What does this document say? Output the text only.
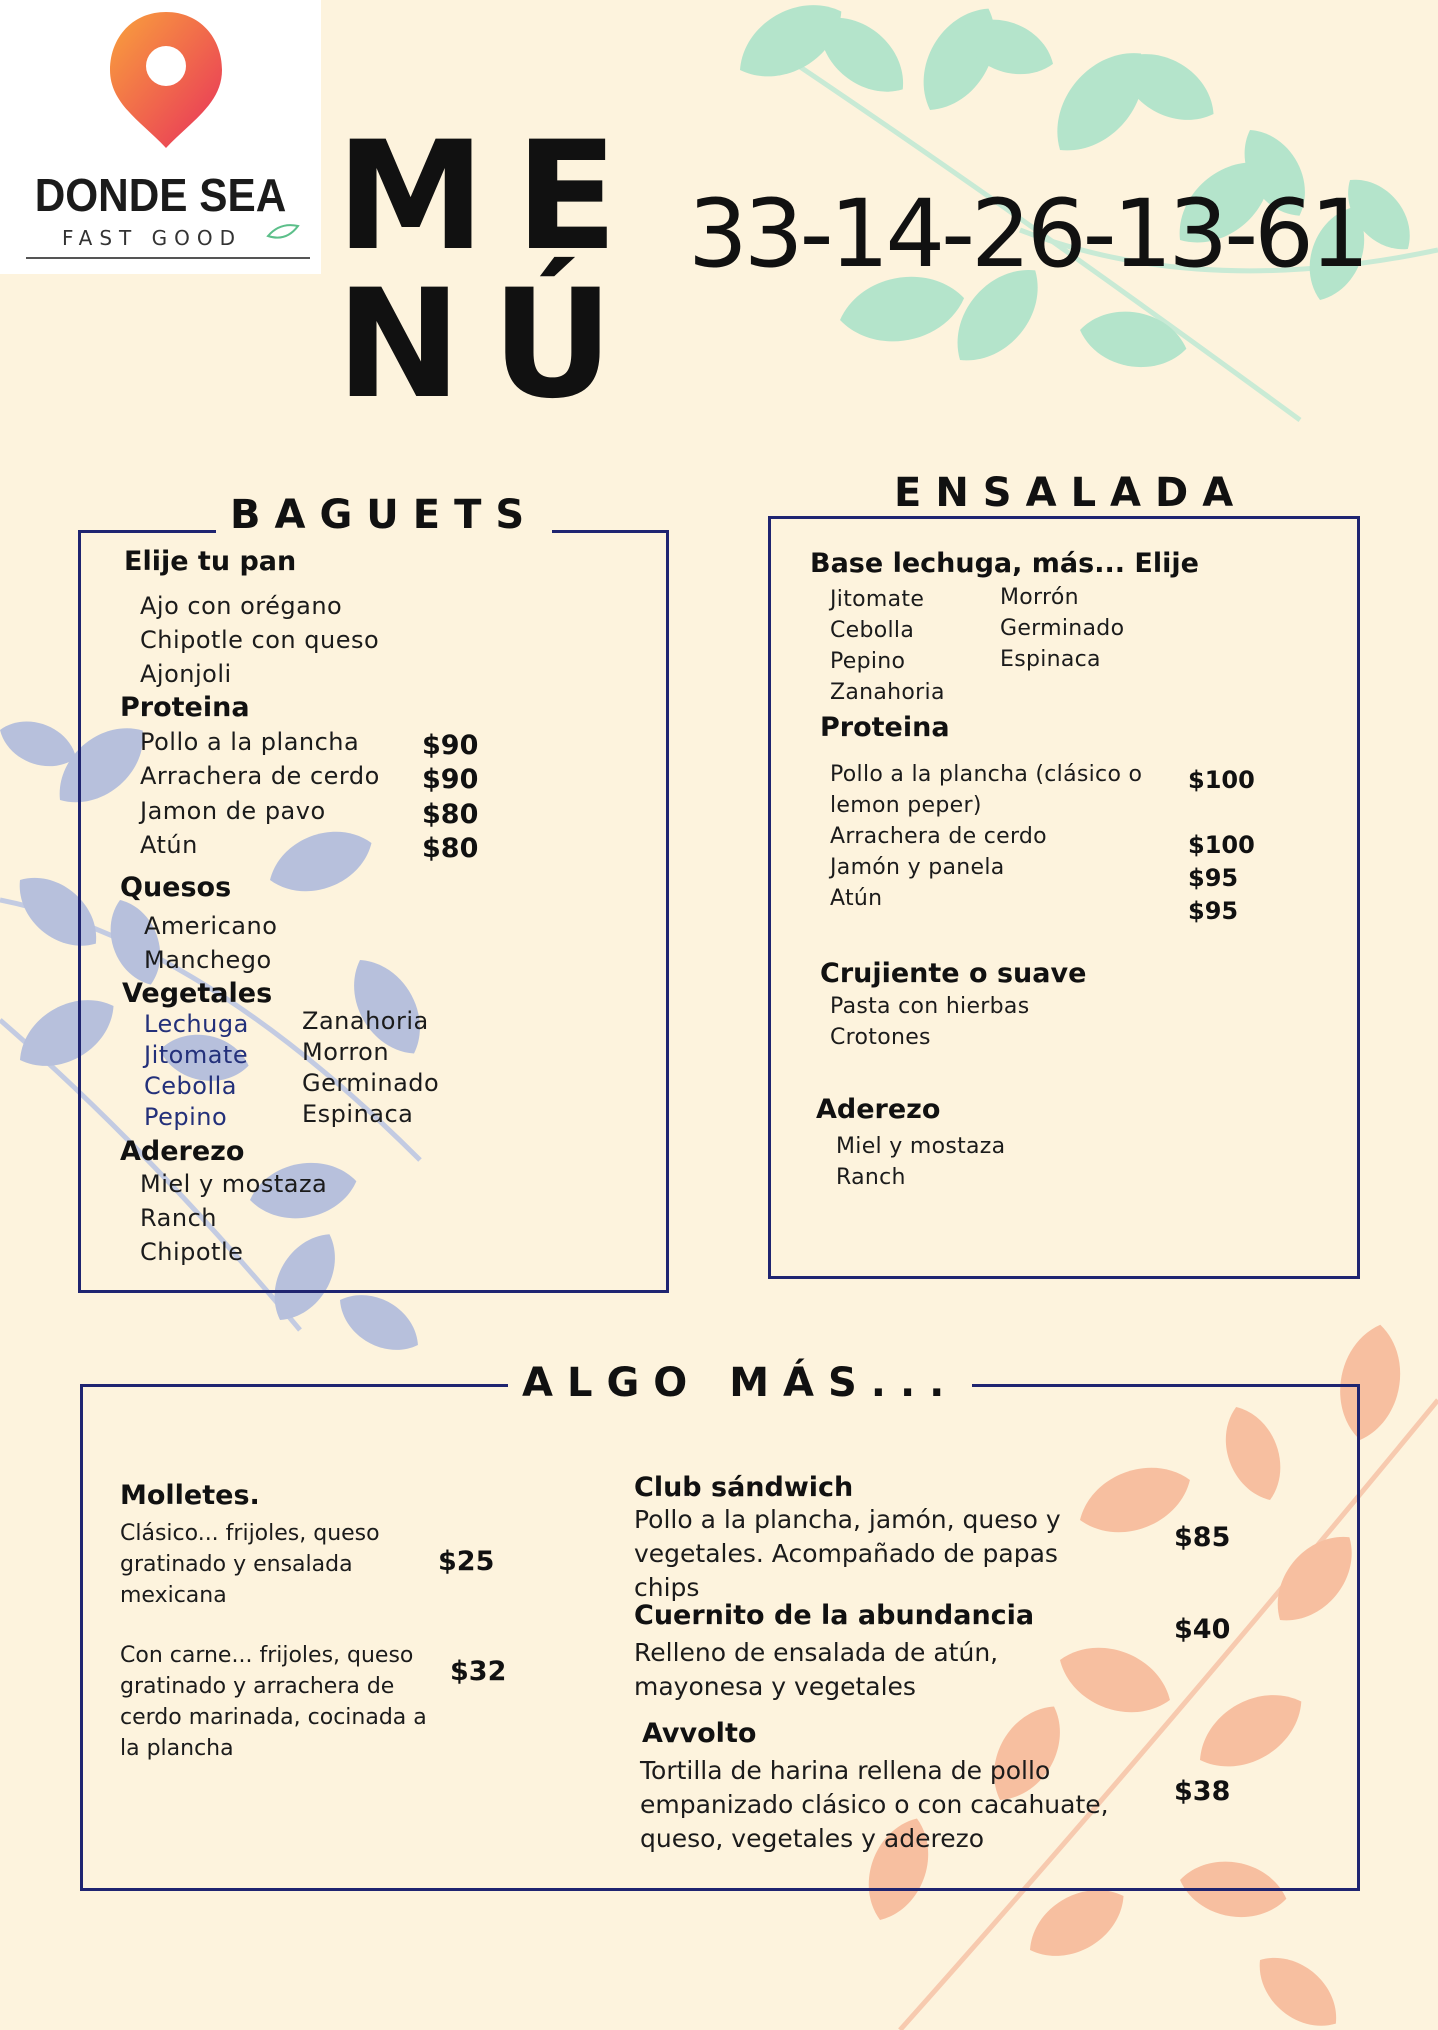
DONDE SEA
FAST GOOD ME
NÚ
33-14-26-13-61
BAGUETS
Elije tu pan
Ajo con orégano
Chipotle con queso
Ajonjoli
Proteina
Pollo a la plancha
Arrachera de cerdo
Jamon de pavo
Atún
$90
$90
$80
$80
Quesos
Americano
Manchego
Vegetales
Lechuga
Jitomate
Cebolla
Pepino
Zanahoria
Morron
Germinado
Espinaca
Aderezo
Miel y mostaza
Ranch
Chipotle
ENSALADA
Base lechuga, más... Elije
Jitomate
Cebolla
Pepino
Zanahoria
Morrón
Germinado
Espinaca
Proteina
Pollo a la plancha (clásico o
lemon peper)
Arrachera de cerdo
Jamón y panela
Atún
$100
$100
$95
$95
Crujiente o suave
Pasta con hierbas
Crotones
Aderezo
Miel y mostaza
Ranch
ALGO MÁS...
Molletes.
Clásico... frijoles, queso gratinado y ensalada mexicana
$25
Con carne... frijoles, queso gratinado y arrachera de cerdo marinada, cocinada a la plancha
$32
Club sándwich
Pollo a la plancha, jamón, queso y vegetales. Acompañado de papas chips
$85
Cuernito de la abundancia
Relleno de ensalada de atún, mayonesa y vegetales
$40
Avvolto
Tortilla de harina rellena de pollo empanizado clásico o con cacahuate, queso, vegetales y aderezo
$38
